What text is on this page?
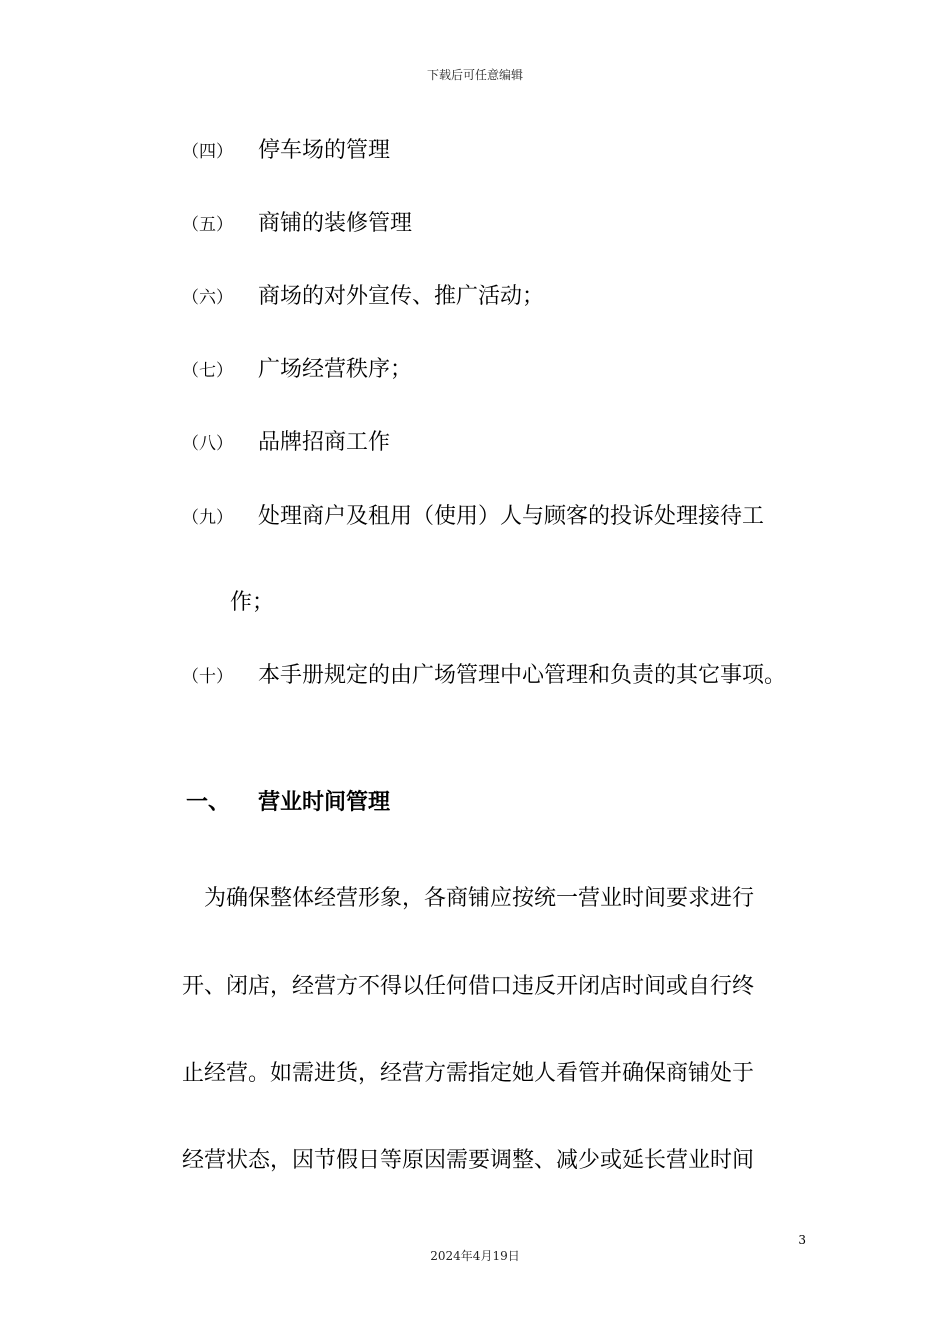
下载后可任意编辑
（四） 停车场的管理
（五） 商铺的装修管理
（六） 商场的对外宣传、推广活动；
（七） 广场经营秩序；
（八） 品牌招商工作
（九） 处理商户及租用（使用）人与顾客的投诉处理接待工
作；
（十） 本手册规定的由广场管理中心管理和负责的其它事项。
一、 营业时间管理
　为确保整体经营形象，各商铺应按统一营业时间要求进行
开、闭店，经营方不得以任何借口违反开闭店时间或自行终
止经营。如需进货，经营方需指定她人看管并确保商铺处于
经营状态，因节假日等原因需要调整、减少或延长营业时间
3
2024年4月19日
